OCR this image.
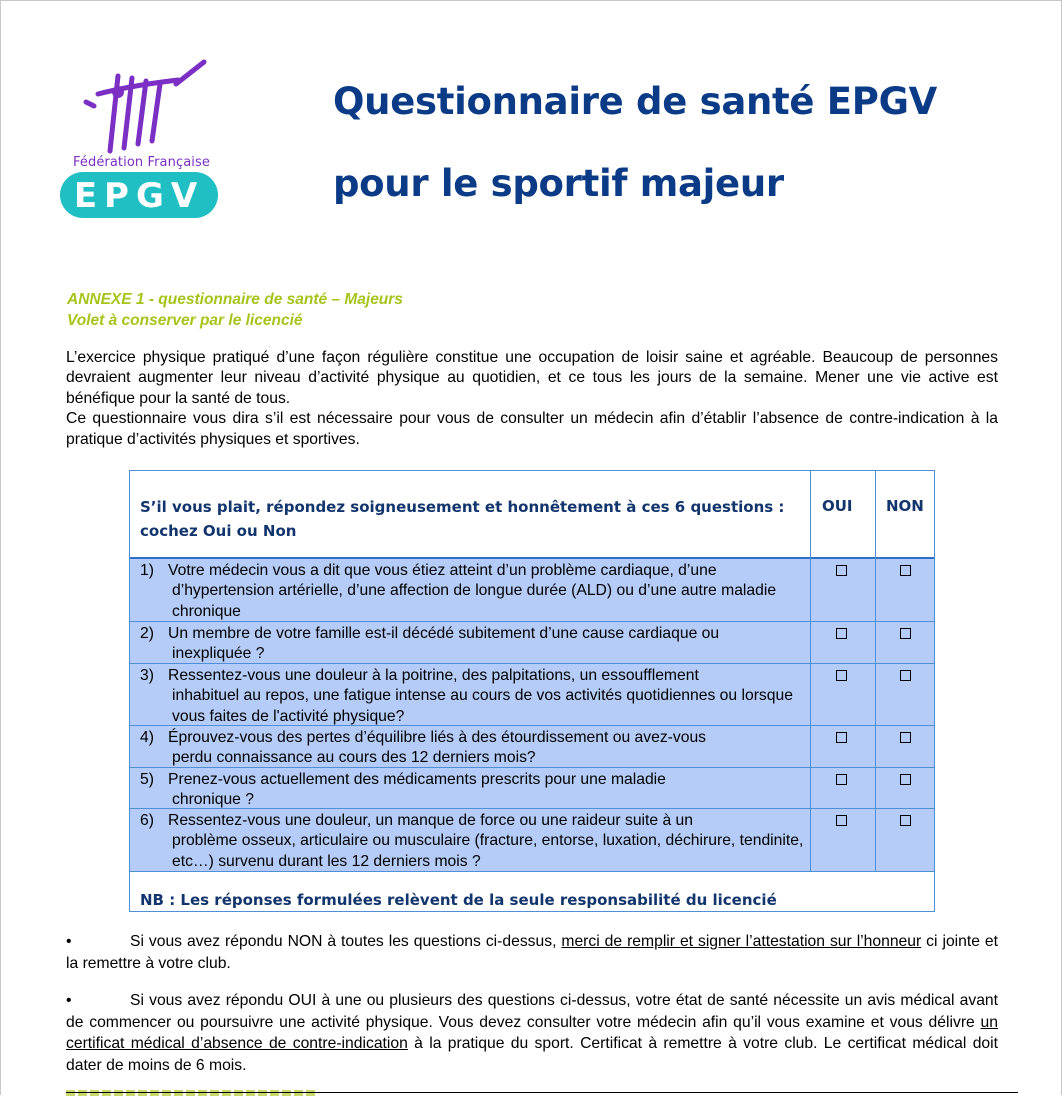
Fédération Française
EPGV
Questionnaire de santé EPGV
pour le sportif majeur
ANNEXE 1 - questionnaire de santé – Majeurs
Volet à conserver par le licencié

L’exercice physique pratiqué d’une façon régulière constitue une occupation de loisir saine et agréable. Beaucoup de personnes devraient augmenter leur niveau d’activité physique au quotidien, et ce tous les jours de la semaine. Mener une vie active est bénéfique pour la santé de tous.

Ce questionnaire vous dira s’il est nécessaire pour vous de consulter un médecin afin d’établir l’absence de contre-indication à la pratique d’activités physiques et sportives.

S’il vous plait, répondez soigneusement et honnêtement à ces 6 questions :
cochez Oui ou Non
OUI NON
1) Votre médecin vous a dit que vous étiez atteint d’un problème cardiaque, d’une
d’hypertension artérielle, d’une affection de longue durée (ALD) ou d’une autre maladie chronique
2) Un membre de votre famille est-il décédé subitement d’une cause cardiaque ou
inexpliquée ?
3) Ressentez-vous une douleur à la poitrine, des palpitations, un essoufflement
inhabituel au repos, une fatigue intense au cours de vos activités quotidiennes ou lorsque vous faites de l'activité physique?
4) Éprouvez-vous des pertes d’équilibre liés à des étourdissement ou avez-vous
perdu connaissance au cours des 12 derniers mois?
5) Prenez-vous actuellement des médicaments prescrits pour une maladie
chronique ?
6) Ressentez-vous une douleur, un manque de force ou une raideur suite à un
problème osseux, articulaire ou musculaire (fracture, entorse, luxation, déchirure, tendinite, etc…) survenu durant les 12 derniers mois ?
NB : Les réponses formulées relèvent de la seule responsabilité du licencié
•	Si vous avez répondu NON à toutes les questions ci-dessus, merci de remplir et signer l’attestation sur l’honneur ci jointe et la remettre à votre club.
•	Si vous avez répondu OUI à une ou plusieurs des questions ci-dessus, votre état de santé nécessite un avis médical avant de commencer ou poursuivre une activité physique. Vous devez consulter votre médecin afin qu’il vous examine et vous délivre un certificat médical d’absence de contre-indication à la pratique du sport. Certificat à remettre à votre club. Le certificat médical doit dater de moins de 6 mois.
